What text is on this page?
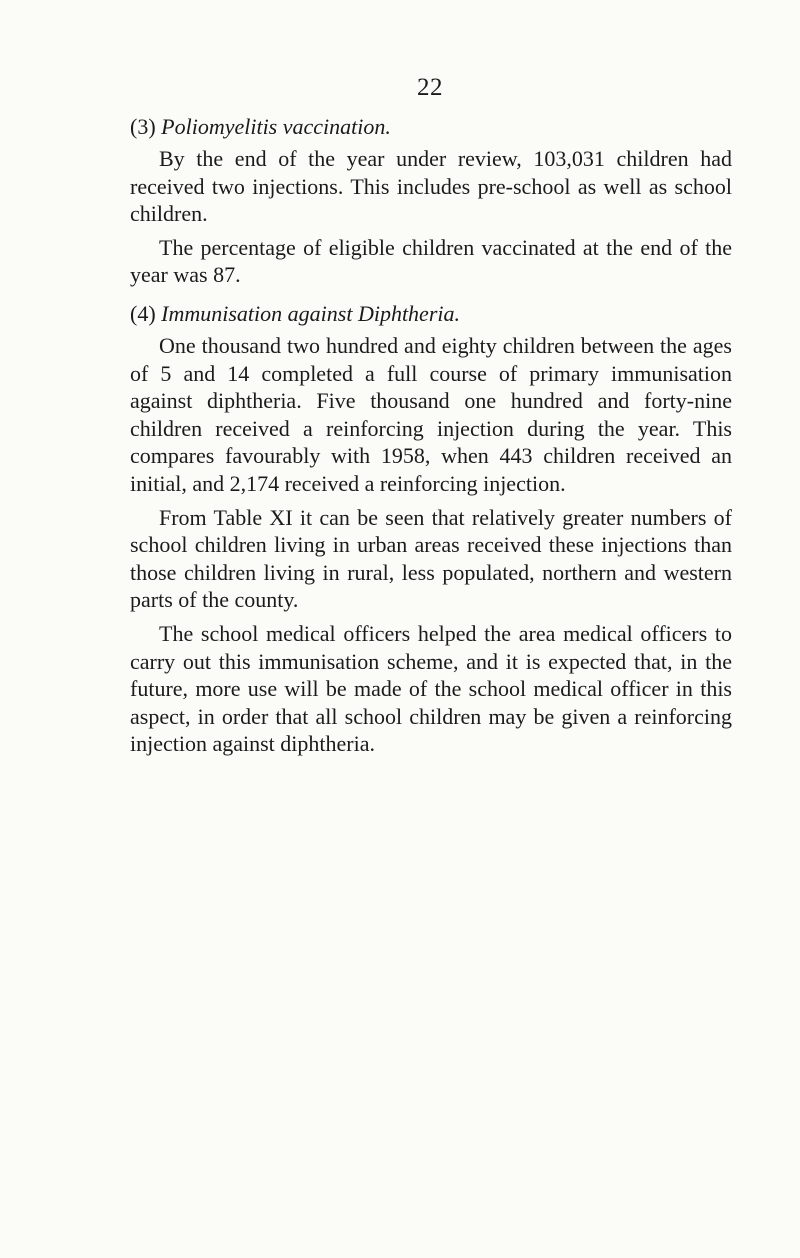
22

(3) Poliomyelitis vaccination.

By the end of the year under review, 103,031 children had received two injections. This includes pre-school as well as school children.

The percentage of eligible children vaccinated at the end of the year was 87.

(4) Immunisation against Diphtheria.

One thousand two hundred and eighty children between the ages of 5 and 14 completed a full course of primary immunisation against diphtheria. Five thousand one hundred and forty-nine children received a reinforcing injection during the year. This compares favourably with 1958, when 443 children received an initial, and 2,174 received a reinforcing injection.

From Table XI it can be seen that relatively greater numbers of school children living in urban areas received these injections than those children living in rural, less populated, northern and western parts of the county.

The school medical officers helped the area medical officers to carry out this immunisation scheme, and it is expected that, in the future, more use will be made of the school medical officer in this aspect, in order that all school children may be given a reinforcing injection against diphtheria.
